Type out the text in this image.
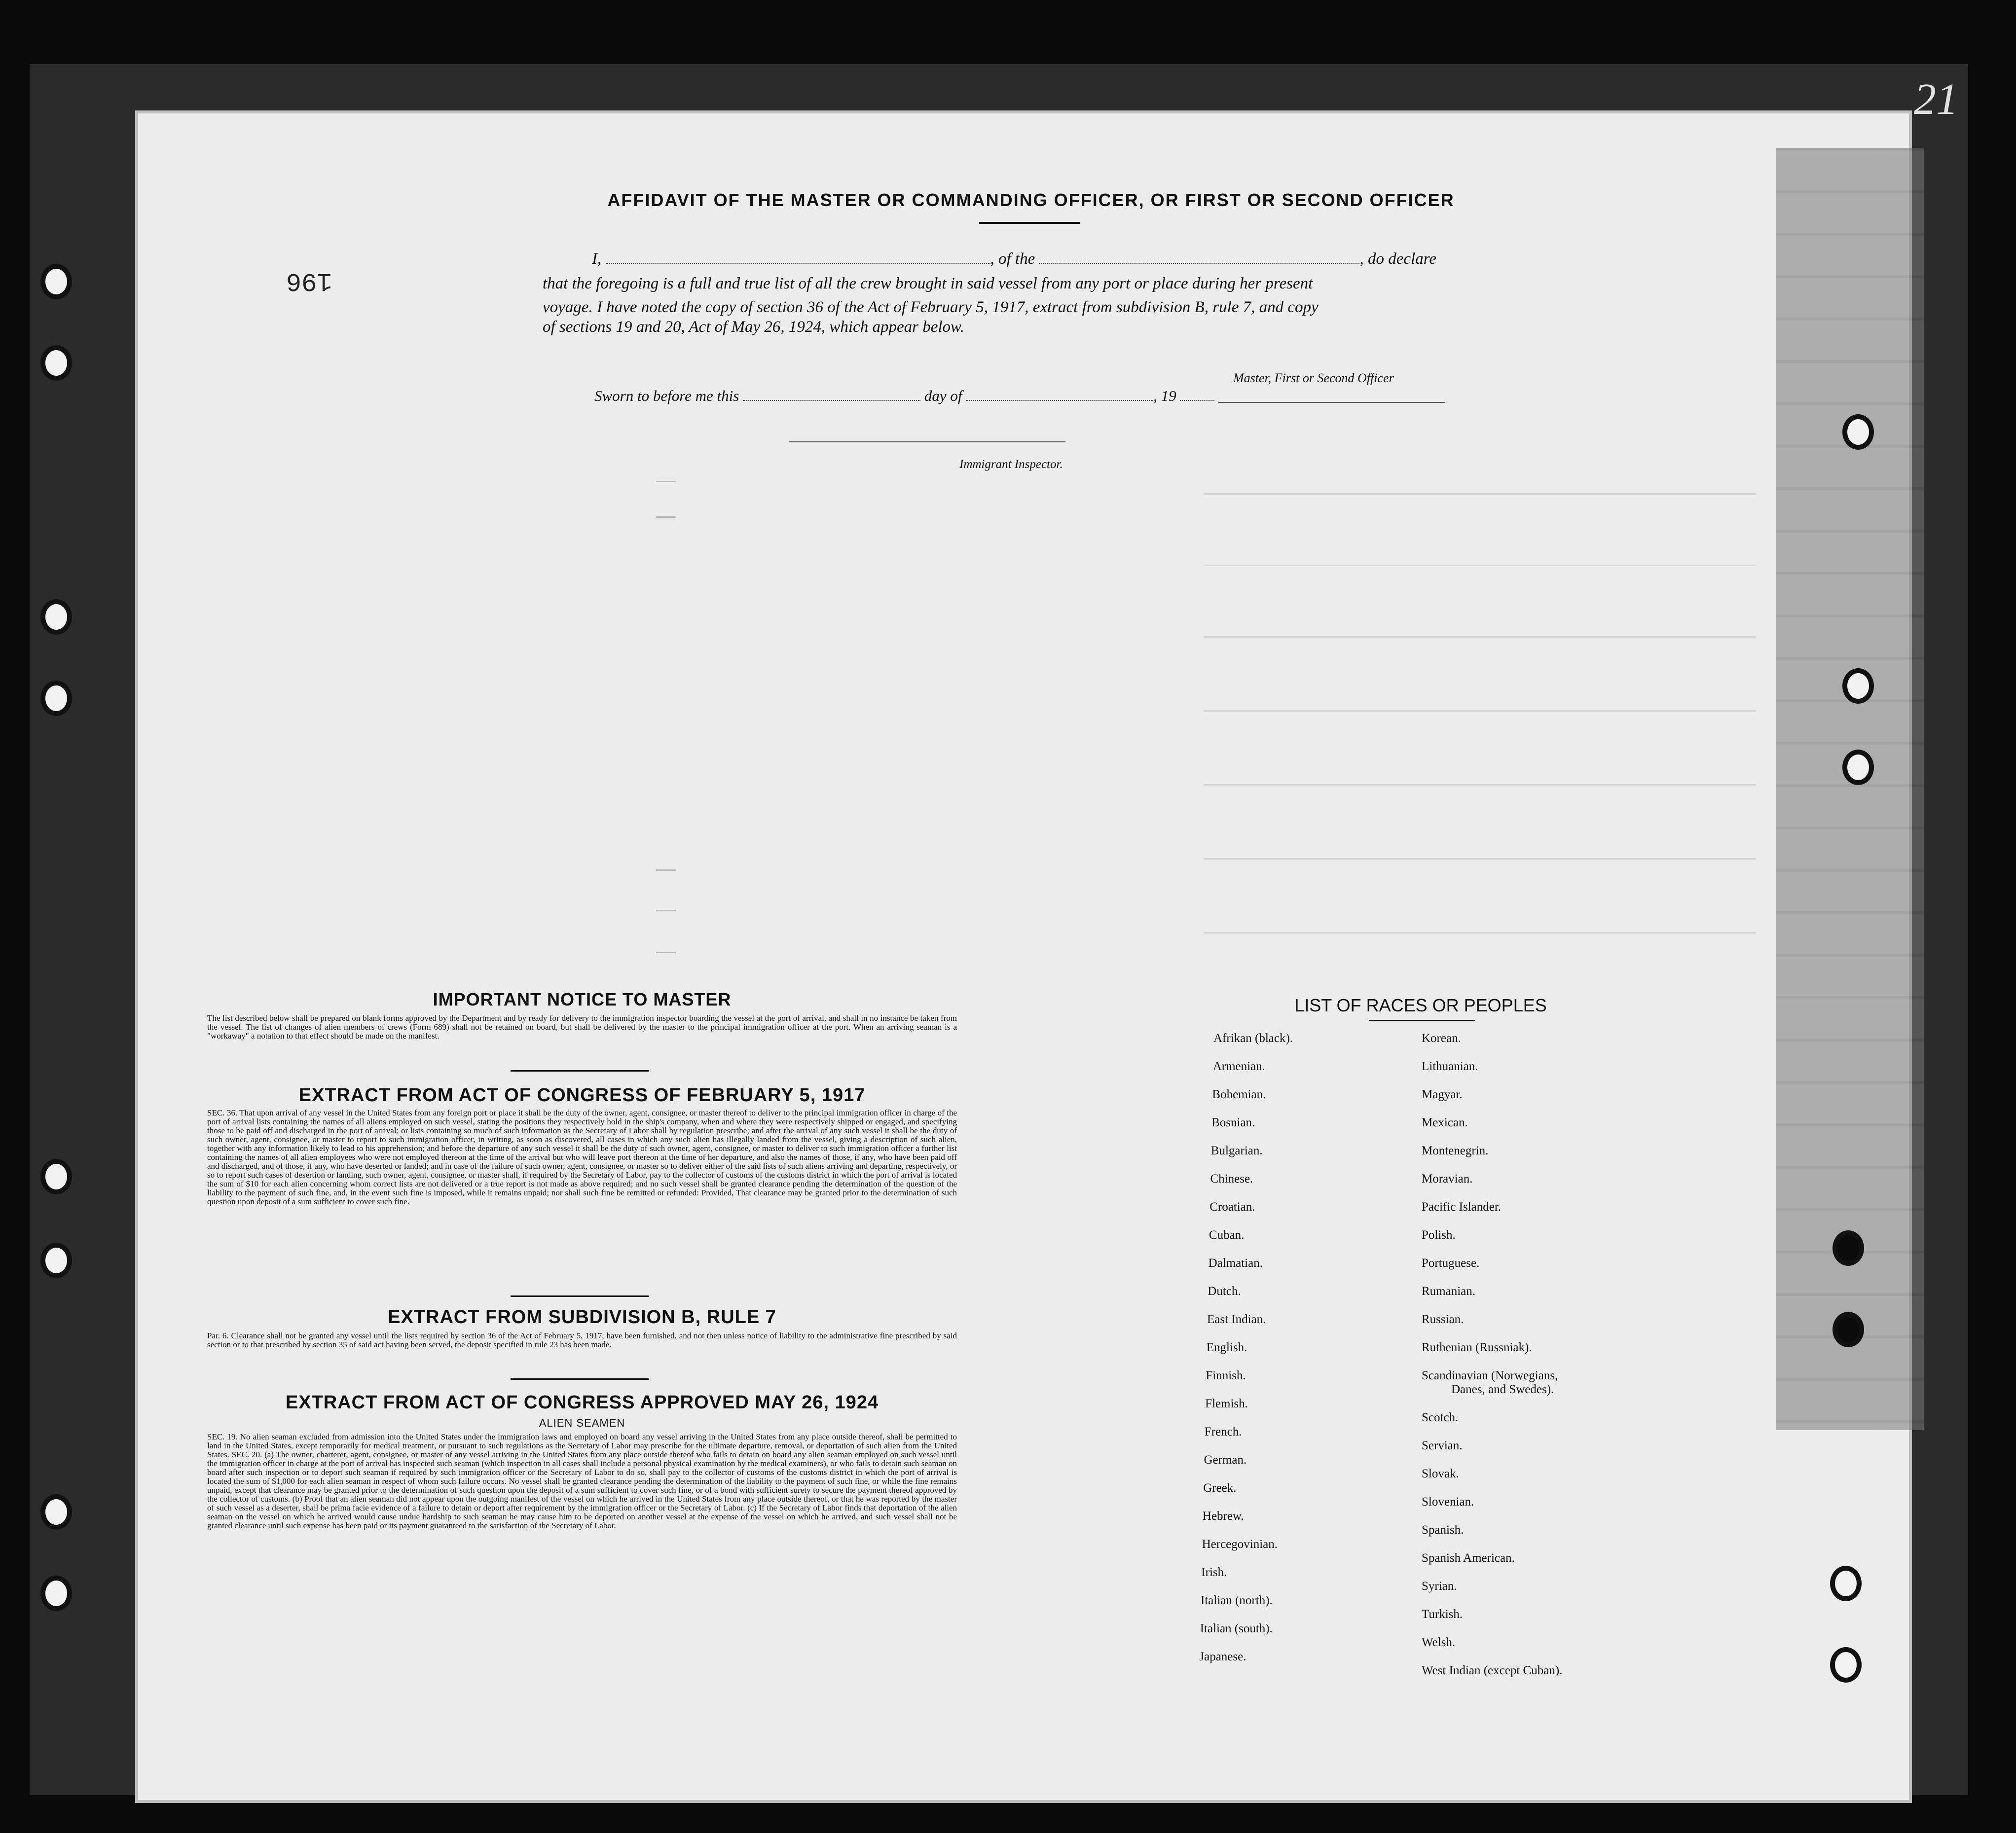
21
AFFIDAVIT OF THE MASTER OR COMMANDING OFFICER, OR FIRST OR SECOND OFFICER
196
I,	, of the	, do declare
that the foregoing is a full and true list of all the crew brought in said vessel from any port or place during her present
voyage. I have noted the copy of section 36 of the Act of February 5, 1917, extract from subdivision B, rule 7, and copy
of sections 19 and 20, Act of May 26, 1924, which appear below.
Master, First or Second Officer
Sworn to before me this	day of	, 19
Immigrant Inspector.
IMPORTANT NOTICE TO MASTER
The list described below shall be prepared on blank forms approved by the Department and by ready for delivery to the immigration inspector boarding the vessel at the port of arrival, and shall in no instance be taken from the vessel. The list of changes of alien members of crews (Form 689) shall not be retained on board, but shall be delivered by the master to the principal immigration officer at the port. When an arriving seaman is a "workaway" a notation to that effect should be made on the manifest.
EXTRACT FROM ACT OF CONGRESS OF FEBRUARY 5, 1917
SEC. 36. That upon arrival of any vessel in the United States from any foreign port or place it shall be the duty of the owner, agent, consignee, or master thereof to deliver to the principal immigration officer in charge of the port of arrival lists containing the names of all aliens employed on such vessel, stating the positions they respectively hold in the ship's company, when and where they were respectively shipped or engaged, and specifying those to be paid off and discharged in the port of arrival; or lists containing so much of such information as the Secretary of Labor shall by regulation prescribe; and after the arrival of any such vessel it shall be the duty of such owner, agent, consignee, or master to report to such immigration officer, in writing, as soon as discovered, all cases in which any such alien has illegally landed from the vessel, giving a description of such alien, together with any information likely to lead to his apprehension; and before the departure of any such vessel it shall be the duty of such owner, agent, consignee, or master to deliver to such immigration officer a further list containing the names of all alien employees who were not employed thereon at the time of the arrival but who will leave port thereon at the time of her departure, and also the names of those, if any, who have been paid off and discharged, and of those, if any, who have deserted or landed; and in case of the failure of such owner, agent, consignee, or master so to deliver either of the said lists of such aliens arriving and departing, respectively, or so to report such cases of desertion or landing, such owner, agent, consignee, or master shall, if required by the Secretary of Labor, pay to the collector of customs of the customs district in which the port of arrival is located the sum of $10 for each alien concerning whom correct lists are not delivered or a true report is not made as above required; and no such vessel shall be granted clearance pending the determination of the question of the liability to the payment of such fine, and, in the event such fine is imposed, while it remains unpaid; nor shall such fine be remitted or refunded: Provided, That clearance may be granted prior to the determination of such question upon deposit of a sum sufficient to cover such fine.
EXTRACT FROM SUBDIVISION B, RULE 7
Par. 6. Clearance shall not be granted any vessel until the lists required by section 36 of the Act of February 5, 1917, have been furnished, and not then unless notice of liability to the administrative fine prescribed by said section or to that prescribed by section 35 of said act having been served, the deposit specified in rule 23 has been made.
EXTRACT FROM ACT OF CONGRESS APPROVED MAY 26, 1924
ALIEN SEAMEN
SEC. 19. No alien seaman excluded from admission into the United States under the immigration laws and employed on board any vessel arriving in the United States from any place outside thereof, shall be permitted to land in the United States, except temporarily for medical treatment, or pursuant to such regulations as the Secretary of Labor may prescribe for the ultimate departure, removal, or deportation of such alien from the United States. SEC. 20. (a) The owner, charterer, agent, consignee, or master of any vessel arriving in the United States from any place outside thereof who fails to detain on board any alien seaman employed on such vessel until the immigration officer in charge at the port of arrival has inspected such seaman (which inspection in all cases shall include a personal physical examination by the medical examiners), or who fails to detain such seaman on board after such inspection or to deport such seaman if required by such immigration officer or the Secretary of Labor to do so, shall pay to the collector of customs of the customs district in which the port of arrival is located the sum of $1,000 for each alien seaman in respect of whom such failure occurs. No vessel shall be granted clearance pending the determination of the liability to the payment of such fine, or while the fine remains unpaid, except that clearance may be granted prior to the determination of such question upon the deposit of a sum sufficient to cover such fine, or of a bond with sufficient surety to secure the payment thereof approved by the collector of customs. (b) Proof that an alien seaman did not appear upon the outgoing manifest of the vessel on which he arrived in the United States from any place outside thereof, or that he was reported by the master of such vessel as a deserter, shall be prima facie evidence of a failure to detain or deport after requirement by the immigration officer or the Secretary of Labor. (c) If the Secretary of Labor finds that deportation of the alien seaman on the vessel on which he arrived would cause undue hardship to such seaman he may cause him to be deported on another vessel at the expense of the vessel on which he arrived, and such vessel shall not be granted clearance until such expense has been paid or its payment guaranteed to the satisfaction of the Secretary of Labor.
LIST OF RACES OR PEOPLES
Afrikan (black).
Armenian.
Bohemian.
Bosnian.
Bulgarian.
Chinese.
Croatian.
Cuban.
Dalmatian.
Dutch.
East Indian.
English.
Finnish.
Flemish.
French.
German.
Greek.
Hebrew.
Hercegovinian.
Irish.
Italian (north).
Italian (south).
Japanese.
Korean.
Lithuanian.
Magyar.
Mexican.
Montenegrin.
Moravian.
Pacific Islander.
Polish.
Portuguese.
Rumanian.
Russian.
Ruthenian (Russniak).
Scandinavian (Norwegians,
Danes, and Swedes).
Scotch.
Servian.
Slovak.
Slovenian.
Spanish.
Spanish American.
Syrian.
Turkish.
Welsh.
West Indian (except Cuban).
